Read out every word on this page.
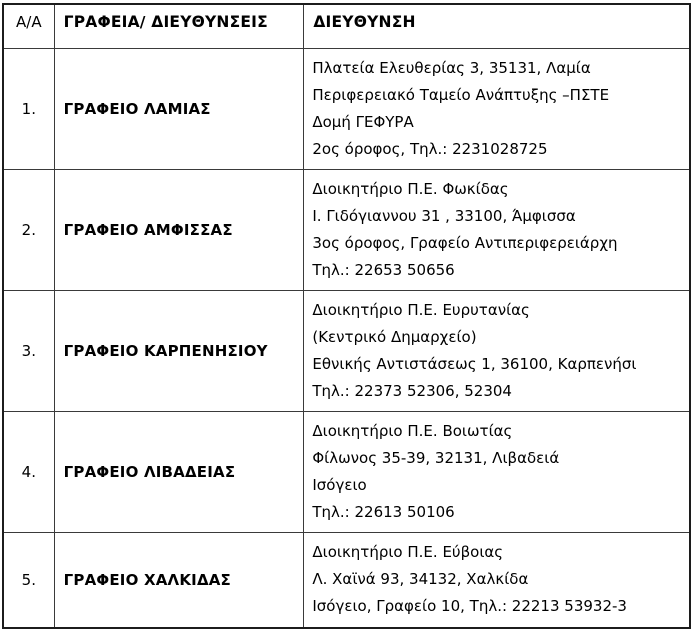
Α/Α	ΓΡΑΦΕΙΑ/ ΔΙΕΥΘΥΝΣΕΙΣ	ΔΙΕΥΘΥΝΣΗ
1.	ΓΡΑΦΕΙΟ ΛΑΜΙΑΣ	Πλατεία Ελευθερίας 3, 35131, Λαμία
Περιφερειακό Ταμείο Ανάπτυξης –ΠΣΤΕ
Δομή ΓΕΦΥΡΑ
2ος όροφος, Τηλ.: 2231028725

2.	ΓΡΑΦΕΙΟ ΑΜΦΙΣΣΑΣ	Διοικητήριο Π.Ε. Φωκίδας
Ι. Γιδόγιαννου 31 , 33100, Άμφισσα
3ος όροφος, Γραφείο Αντιπεριφερειάρχη
Τηλ.: 22653 50656

3.	ΓΡΑΦΕΙΟ ΚΑΡΠΕΝΗΣΙΟΥ	Διοικητήριο Π.Ε. Ευρυτανίας
(Κεντρικό Δημαρχείο)
Εθνικής Αντιστάσεως 1, 36100, Καρπενήσι
Τηλ.: 22373 52306, 52304

4.	ΓΡΑΦΕΙΟ ΛΙΒΑΔΕΙΑΣ	Διοικητήριο Π.Ε. Βοιωτίας
Φίλωνος 35-39, 32131, Λιβαδειά
Ισόγειο
Τηλ.: 22613 50106

5.	ΓΡΑΦΕΙΟ ΧΑΛΚΙΔΑΣ	Διοικητήριο Π.Ε. Εύβοιας
Λ. Χαϊνά 93, 34132, Χαλκίδα
Ισόγειο, Γραφείο 10, Τηλ.: 22213 53932-3
